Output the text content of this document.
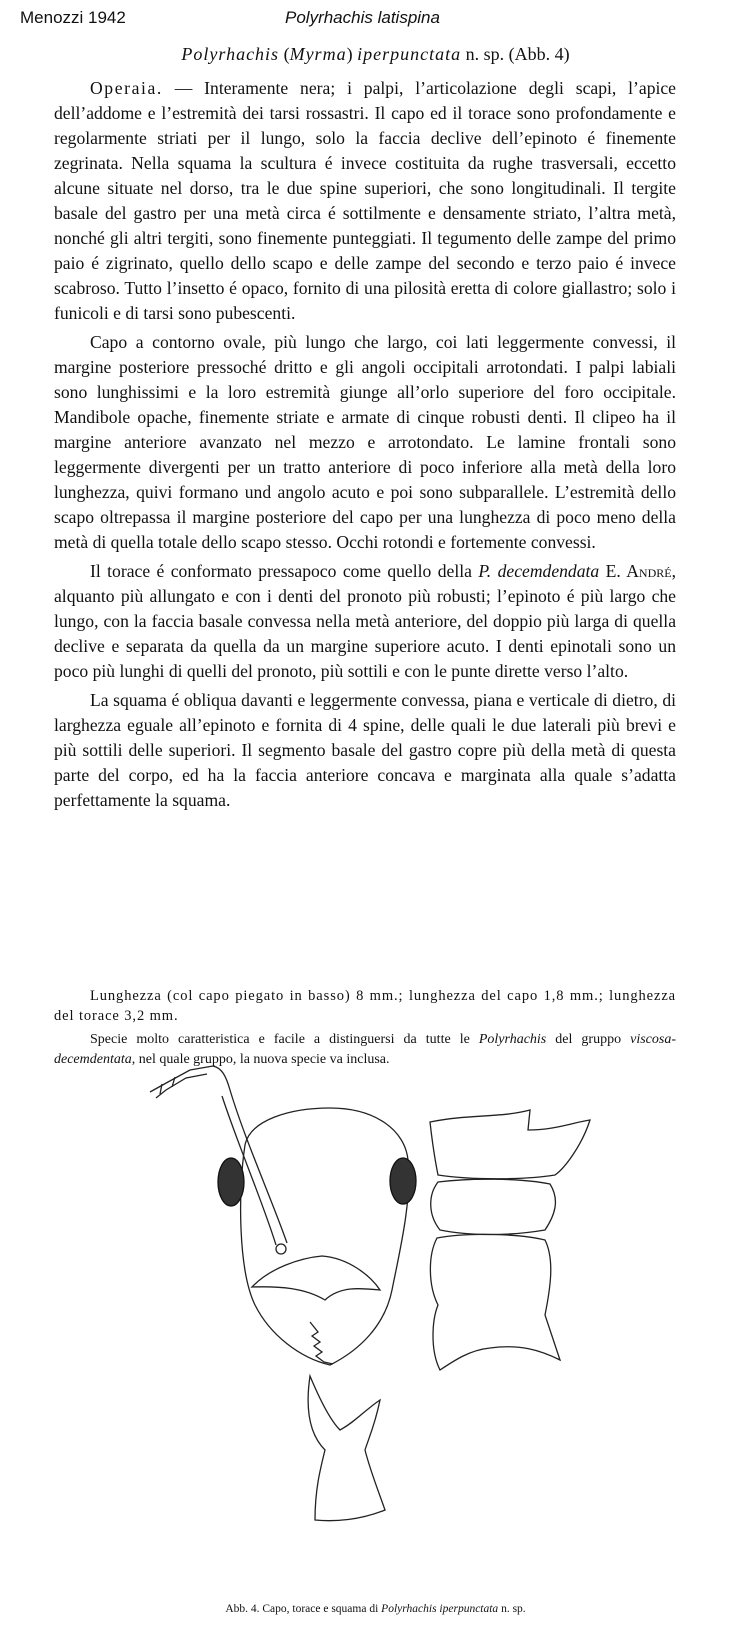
Menozzi 1942	Polyrhachis latispina
Polyrhachis (Myrma) iperpunctata n. sp. (Abb. 4)

Operaia. — Interamente nera; i palpi, l’articolazione degli scapi, l’apice dell’addome e l’estremità dei tarsi rossastri. Il capo ed il torace sono profondamente e regolarmente striati per il lungo, solo la faccia declive dell’epinoto é finemente zegrinata. Nella squama la scultura é invece costituita da rughe trasversali, eccetto alcune situate nel dorso, tra le due spine superiori, che sono longitudinali. Il tergite basale del gastro per una metà circa é sottilmente e densamente striato, l’altra metà, nonché gli altri tergiti, sono finemente punteggiati. Il tegumento delle zampe del primo paio é zigrinato, quello dello scapo e delle zampe del secondo e terzo paio é invece scabroso. Tutto l’insetto é opaco, fornito di una pilosità eretta di colore giallastro; solo i funicoli e di tarsi sono pubescenti.

Capo a contorno ovale, più lungo che largo, coi lati leggermente convessi, il margine posteriore pressoché dritto e gli angoli occipitali arrotondati. I palpi labiali sono lunghissimi e la loro estremità giunge all’orlo superiore del foro occipitale. Mandibole opache, finemente striate e armate di cinque robusti denti. Il clipeo ha il margine anteriore avanzato nel mezzo e arrotondato. Le lamine frontali sono leggermente divergenti per un tratto anteriore di poco inferiore alla metà della loro lunghezza, quivi formano und angolo acuto e poi sono subparallele. L’estremità dello scapo oltrepassa il margine posteriore del capo per una lunghezza di poco meno della metà di quella totale dello scapo stesso. Occhi rotondi e fortemente convessi.

Il torace é conformato pressapoco come quello della P. decemdendata E. André, alquanto più allungato e con i denti del pronoto più robusti; l’epinoto é più largo che lungo, con la faccia basale convessa nella metà anteriore, del doppio più larga di quella declive e separata da quella da un margine superiore acuto. I denti epinotali sono un poco più lunghi di quelli del pronoto, più sottili e con le punte dirette verso l’alto.

La squama é obliqua davanti e leggermente convessa, piana e verticale di dietro, di larghezza eguale all’epinoto e fornita di 4 spine, delle quali le due laterali più brevi e più sottili delle superiori. Il segmento basale del gastro copre più della metà di questa parte del corpo, ed ha la faccia anteriore concava e marginata alla quale s’adatta perfettamente la squama.

Lunghezza (col capo piegato in basso) 8 mm.; lunghezza del capo 1,8 mm.; lunghezza del torace 3,2 mm.

Specie molto caratteristica e facile a distinguersi da tutte le Polyrhachis del gruppo viscosa-decemdentata, nel quale gruppo, la nuova specie va inclusa.

Abb. 4. Capo, torace e squama di Polyrhachis iperpunctata n. sp.
